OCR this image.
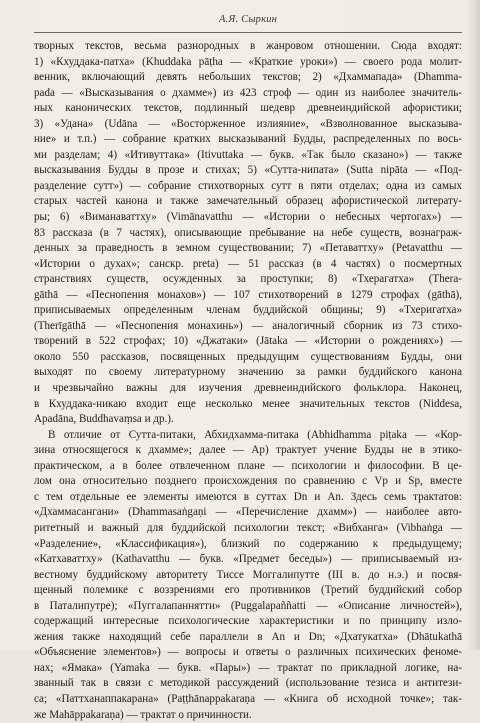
А.Я. Сыркин
творных текстов, весьма разнородных в жанровом отношении. Сюда входят:
1) «Кхуддака-патха» (Khuddaka pāṭha — «Краткие уроки») — своего рода молит-
венник, включающий девять небольших текстов; 2) «Дхаммапада» (Dhamma-
pada — «Высказывания о дхамме») из 423 строф — один из наиболее значитель-
ных канонических текстов, подлинный шедевр древнеиндийской афористики;
3) «Удана» (Udāna — «Восторженное излияние», «Взволнованное высказыва-
ние» и т.п.) — собрание кратких высказываний Будды, распределенных по вось-
ми разделам; 4) «Итивуттака» (Itivuttaka — букв. «Так было сказано») — также
высказывания Будды в прозе и стихах; 5) «Сутта-нипата» (Sutta nipāta — «Под-
разделение сутт») — собрание стихотворных сутт в пяти отделах; одна из самых
старых частей канона и также замечательный образец афористической литерату-
ры; 6) «Виманаваттху» (Vimānavatthu — «Истории о небесных чертогах») —
83 рассказа (в 7 частях), описывающие пребывание на небе существ, вознаграж-
денных за праведность в земном существовании; 7) «Петаваттху» (Petavatthu —
«Истории о духах»; санскр. preta) — 51 рассказ (в 4 частях) о посмертных
странствиях существ, осужденных за проступки; 8) «Тхерагатха» (Thera-
gāthā — «Песнопения монахов») — 107 стихотворений в 1279 строфах (gāthā),
приписываемых определенным членам буддийской общины; 9) «Тхеригатха»
(Therīgāthā — «Песнопения монахинь») — аналогичный сборник из 73 стихо-
творений в 522 строфах; 10) «Джатаки» (Jātaka — «Истории о рождениях») —
около 550 рассказов, посвященных предыдущим существованиям Будды, они
выходят по своему литературному значению за рамки буддийского канона
и чрезвычайно важны для изучения древнеиндийского фольклора. Наконец,
в Кхуддака-никаю входит еще несколько менее значительных текстов (Niddesa,
Apadāna, Buddhavaṃsa и др.).
В отличие от Сутта-питаки, Абхидхамма-питака (Abhidhamma piṭaka — «Кор-
зина относящегося к дхамме»; далее — Ар) трактует учение Будды не в этико-
практическом, а в более отвлеченном плане — психологии и философии. В це-
лом она относительно позднего происхождения по сравнению с Vp и Sp, вместе
с тем отдельные ее элементы имеются в суттах Dn и An. Здесь семь трактатов:
«Дхаммасангани» (Dhammasaṅgaṇi — «Перечисление дхамм») — наиболее авто-
ритетный и важный для буддийской психологии текст; «Вибханга» (Vibhaṅga —
«Разделение», «Классификация»), близкий по содержанию к предыдущему;
«Катхаваттху» (Kathavatthu — букв. «Предмет беседы») — приписываемый из-
вестному буддийскому авторитету Тиссе Моггалипутте (III в. до н.э.) и посвя-
щенный полемике с воззрениями его противников (Третий буддийский собор
в Паталипутре); «Пуггалапаннятти» (Puggalapaññatti — «Описание личностей»),
содержащий интересные психологические характеристики и по принципу изло-
жения также находящий себе параллели в An и Dn; «Дхатукатха» (Dhātukathā
«Объяснение элементов») — вопросы и ответы о различных психических феноме-
нах; «Ямака» (Yamaka — букв. «Пары») — трактат по прикладной логике, на-
званный так в связи с методикой рассуждений (использование тезиса и антитези-
са; «Паттханаппакарана» (Paṭṭhānappakaraṇa — «Книга об исходной точке»; так-
же Mahāppakaraṇa) — трактат о причинности.
